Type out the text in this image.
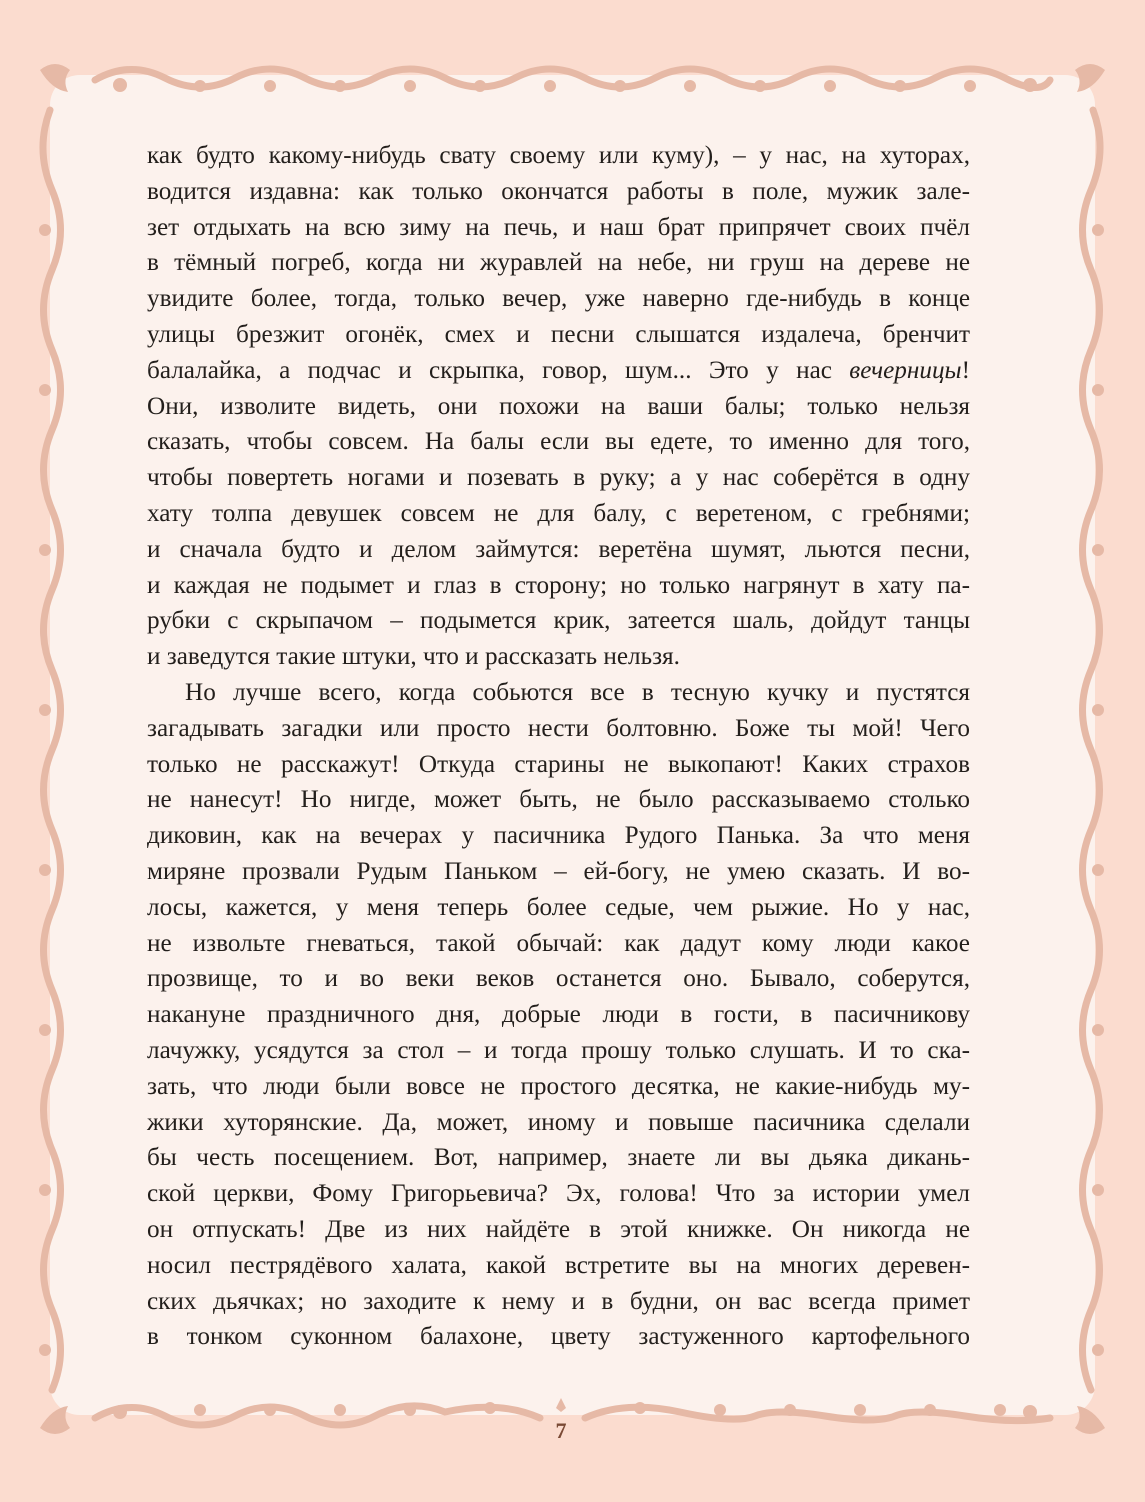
как будто какому-нибудь свату своему или куму), – у нас, на хуторах,
водится издавна: как только окончатся работы в поле, мужик зале-
зет отдыхать на всю зиму на печь, и наш брат припрячет своих пчёл
в тёмный погреб, когда ни журавлей на небе, ни груш на дереве не
увидите более, тогда, только вечер, уже наверно где-нибудь в конце
улицы брезжит огонёк, смех и песни слышатся издалеча, бренчит
балалайка, а подчас и скрыпка, говор, шум... Это у нас вечерницы!
Они, изволите видеть, они похожи на ваши балы; только нельзя
сказать, чтобы совсем. На балы если вы едете, то именно для того,
чтобы повертеть ногами и позевать в руку; а у нас соберётся в одну
хату толпа девушек совсем не для балу, с веретеном, с гребнями;
и сначала будто и делом займутся: веретёна шумят, льются песни,
и каждая не подымет и глаз в сторону; но только нагрянут в хату па-
рубки с скрыпачом – подымется крик, затеется шаль, дойдут танцы
и заведутся такие штуки, что и рассказать нельзя.
Но лучше всего, когда собьются все в тесную кучку и пустятся
загадывать загадки или просто нести болтовню. Боже ты мой! Чего
только не расскажут! Откуда старины не выкопают! Каких страхов
не нанесут! Но нигде, может быть, не было рассказываемо столько
диковин, как на вечерах у пасичника Рудого Панька. За что меня
миряне прозвали Рудым Паньком – ей-богу, не умею сказать. И во-
лосы, кажется, у меня теперь более седые, чем рыжие. Но у нас,
не извольте гневаться, такой обычай: как дадут кому люди какое
прозвище, то и во веки веков останется оно. Бывало, соберутся,
накануне праздничного дня, добрые люди в гости, в пасичникову
лачужку, усядутся за стол – и тогда прошу только слушать. И то ска-
зать, что люди были вовсе не простого десятка, не какие-нибудь му-
жики хуторянские. Да, может, иному и повыше пасичника сделали
бы честь посещением. Вот, например, знаете ли вы дьяка дикань-
ской церкви, Фому Григорьевича? Эх, голова! Что за истории умел
он отпускать! Две из них найдёте в этой книжке. Он никогда не
носил пестрядёвого халата, какой встретите вы на многих деревен-
ских дьячках; но заходите к нему и в будни, он вас всегда примет
в тонком суконном балахоне, цвету застуженного картофельного
7
